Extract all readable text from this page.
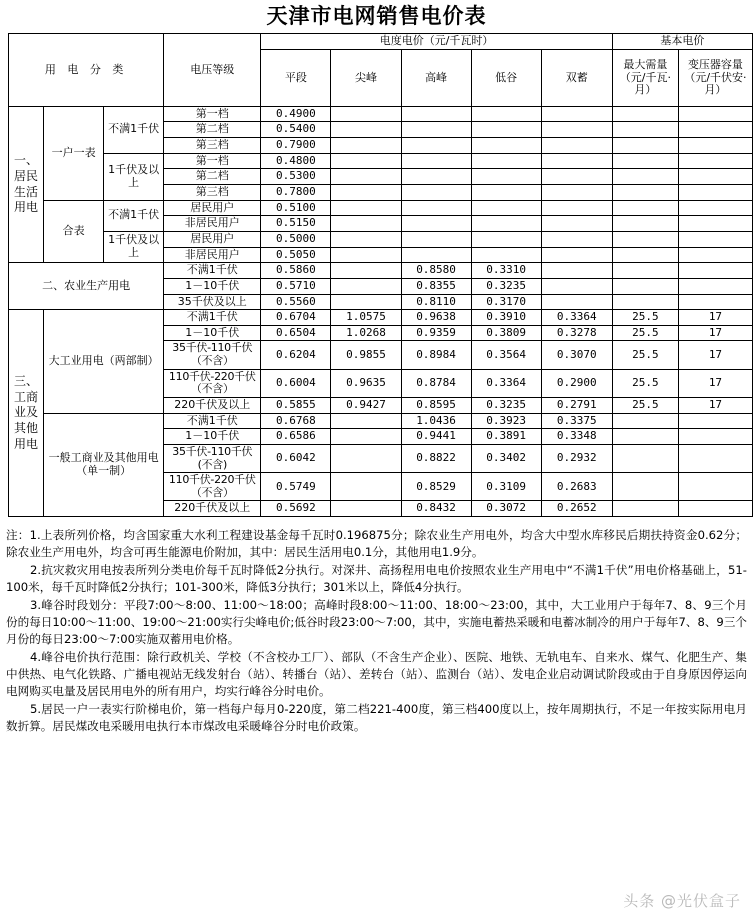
天津市电网销售电价表
用 电 分 类			电压等级	电度电价（元/千瓦时）					基本电价	
				平段	尖峰	高峰	低谷	双蓄	最大需量（元/千瓦·月）	变压器容量（元/千伏安·月）
一、居民生活用电	一户一表	不满1千伏	第一档	0.4900						
			第二档	0.5400						
			第三档	0.7900						
		1千伏及以上	第一档	0.4800						
			第二档	0.5300						
			第三档	0.7800						
	合表	不满1千伏	居民用户	0.5100						
			非居民用户	0.5150						
		1千伏及以上	居民用户	0.5000						
			非居民用户	0.5050						
二、农业生产用电			不满1千伏	0.5860		0.8580	0.3310			
			1－10千伏	0.5710		0.8355	0.3235			
			35千伏及以上	0.5560		0.8110	0.3170			
三、工商业及其他用电	大工业用电（两部制）		不满1千伏	0.6704	1.0575	0.9638	0.3910	0.3364	25.5	17
			1－10千伏	0.6504	1.0268	0.9359	0.3809	0.3278	25.5	17
			35千伏-110千伏（不含）	0.6204	0.9855	0.8984	0.3564	0.3070	25.5	17
			110千伏-220千伏（不含）	0.6004	0.9635	0.8784	0.3364	0.2900	25.5	17
			220千伏及以上	0.5855	0.9427	0.8595	0.3235	0.2791	25.5	17
	一般工商业及其他用电（单一制）		不满1千伏	0.6768		1.0436	0.3923	0.3375		
			1－10千伏	0.6586		0.9441	0.3891	0.3348		
			35千伏-110千伏(不含)	0.6042		0.8822	0.3402	0.2932		
			110千伏-220千伏（不含）	0.5749		0.8529	0.3109	0.2683		
			220千伏及以上	0.5692		0.8432	0.3072	0.2652		

注：1.上表所列价格，均含国家重大水利工程建设基金每千瓦时0.196875分；除农业生产用电外，均含大中型水库移民后期扶持资金0.62分；除农业生产用电外，均含可再生能源电价附加，其中：居民生活用电0.1分，其他用电1.9分。

2.抗灾救灾用电按表所列分类电价每千瓦时降低2分执行。对深井、高扬程用电电价按照农业生产用电中“不满1千伏”用电价格基础上，51-100米，每千瓦时降低2分执行；101-300米，降低3分执行；301米以上，降低4分执行。

3.峰谷时段划分：平段7:00～8:00、11:00～18:00；高峰时段8:00～11:00、18:00～23:00，其中，大工业用户于每年7、8、9三个月份的每日10:00～11:00、19:00～21:00实行尖峰电价;低谷时段23:00～7:00，其中，实施电蓄热采暖和电蓄冰制冷的用户于每年7、8、9三个月份的每日23:00～7:00实施双蓄用电价格。

4.峰谷电价执行范围：除行政机关、学校（不含校办工厂）、部队（不含生产企业）、医院、地铁、无轨电车、自来水、煤气、化肥生产、集中供热、电气化铁路、广播电视站无线发射台（站）、转播台（站）、差转台（站）、监测台（站）、发电企业启动调试阶段或由于自身原因停运向电网购买电量及居民用电外的所有用户，均实行峰谷分时电价。

5.居民一户一表实行阶梯电价，第一档每户每月0-220度，第二档221-400度，第三档400度以上，按年周期执行，不足一年按实际用电月数折算。居民煤改电采暖用电执行本市煤改电采暖峰谷分时电价政策。

头条 @光伏盒子
